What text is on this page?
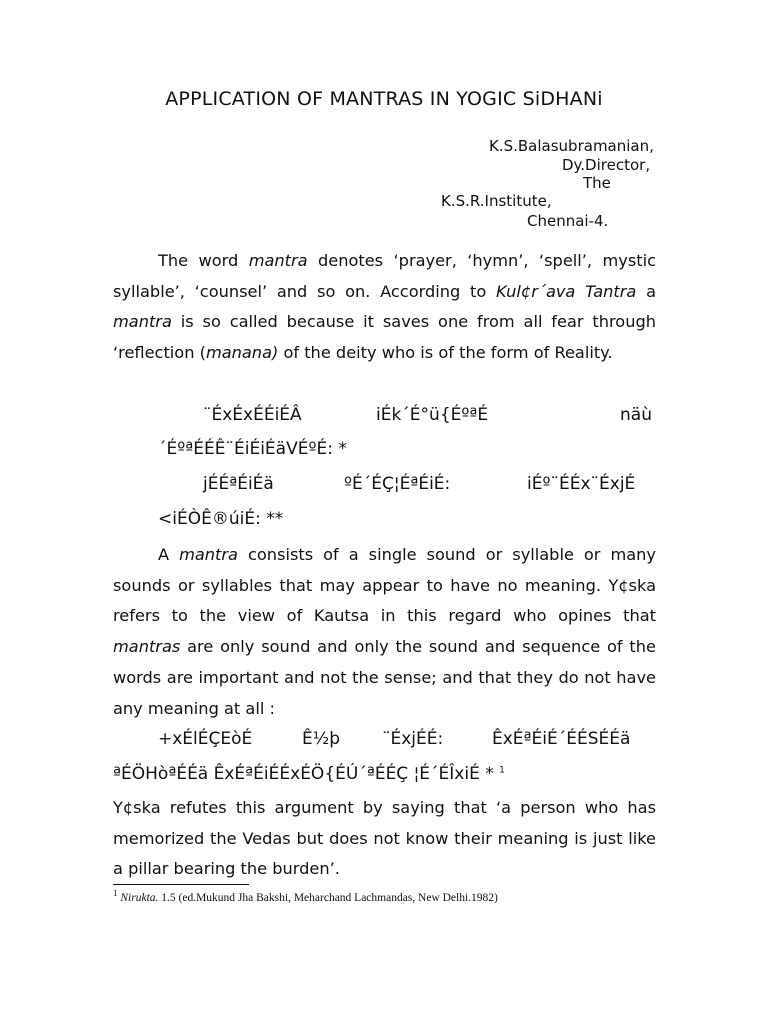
APPLICATION OF MANTRAS IN YOGIC SiDHANi
K.S.Balasubramanian,
Dy.Director,
The
K.S.R.Institute,
Chennai-4.

The word mantra denotes ‘prayer, ‘hymn’, ‘spell’, mystic syllable’, ‘counsel’ and so on. According to Kul¢r´ava Tantra a mantra is so called because it saves one from all fear through ‘reflection (manana) of the deity who is of the form of Reality.

¨ÉxÉxÉÉiÉÂ	iÉk´É°ü{ÉºªÉ	näù
´ÉºªÉÉÊ¨ÉiÉiÉäVÉºÉ: *
jÉÉªÉiÉä	ºÉ´ÉÇ¦ÉªÉiÉ:	iÉº¨ÉÉx¨ÉxjÉ
<iÉÒÊ®úiÉ: **

A mantra consists of a single sound or syllable or many sounds or syllables that may appear to have no meaning. Y¢ska refers to the view of Kautsa in this regard who opines that mantras are only sound and only the sound and sequence of the words are important and not the sense; and that they do not have any meaning at all :

+xÉlÉÇEòÉ	Ê½þ ¨ÉxjÉÉ:	ÊxÉªÉiÉ´ÉÉSÉÉä
ªÉÖHòªÉÉä ÊxÉªÉiÉÉxÉÖ{ÉÚ´ªÉÉÇ ¦É´ÉÎxiÉ * $^1$

Y¢ska refutes this argument by saying that ‘a person who has memorized the Vedas but does not know their meaning is just like a pillar bearing the burden’.

$^1$ Nirukta. 1.5 (ed.Mukund Jha Bakshi, Meharchand Lachmandas, New Delhi.1982)
